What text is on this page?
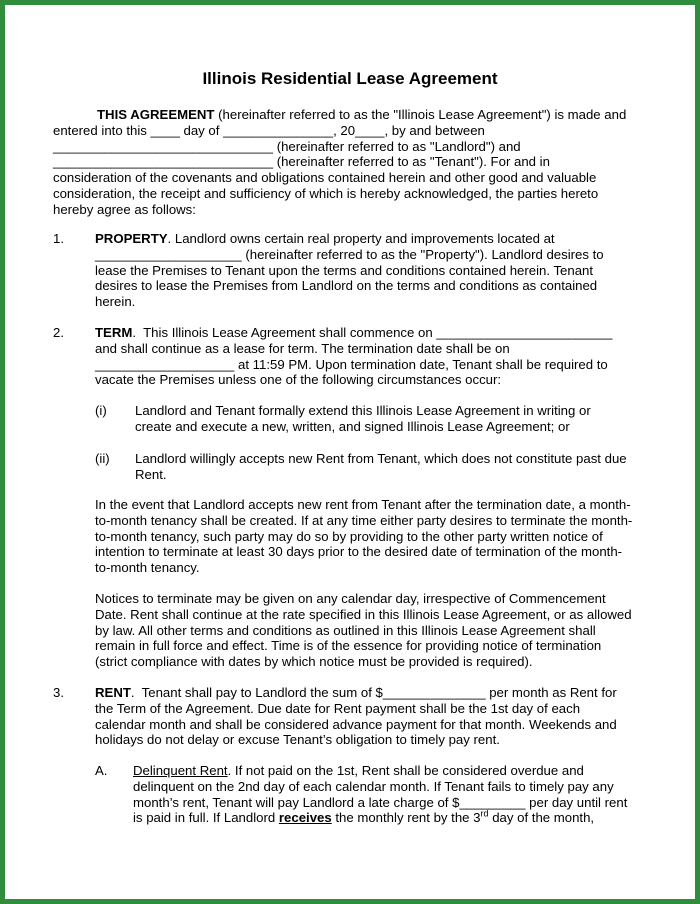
Illinois Residential Lease Agreement
THIS AGREEMENT (hereinafter referred to as the "Illinois Lease Agreement") is made and
entered into this ____ day of _______________, 20____, by and between
______________________________ (hereinafter referred to as "Landlord") and
______________________________ (hereinafter referred to as "Tenant"). For and in
consideration of the covenants and obligations contained herein and other good and valuable
consideration, the receipt and sufficiency of which is hereby acknowledged, the parties hereto
hereby agree as follows:
1. PROPERTY. Landlord owns certain real property and improvements located at
____________________ (hereinafter referred to as the "Property"). Landlord desires to
lease the Premises to Tenant upon the terms and conditions contained herein. Tenant
desires to lease the Premises from Landlord on the terms and conditions as contained
herein.
2. TERM.  This Illinois Lease Agreement shall commence on ________________________
and shall continue as a lease for term. The termination date shall be on
___________________ at 11:59 PM. Upon termination date, Tenant shall be required to
vacate the Premises unless one of the following circumstances occur:
(i) Landlord and Tenant formally extend this Illinois Lease Agreement in writing or
create and execute a new, written, and signed Illinois Lease Agreement; or
(ii) Landlord willingly accepts new Rent from Tenant, which does not constitute past due
Rent.
In the event that Landlord accepts new rent from Tenant after the termination date, a month-
to-month tenancy shall be created. If at any time either party desires to terminate the month-
to-month tenancy, such party may do so by providing to the other party written notice of
intention to terminate at least 30 days prior to the desired date of termination of the month-
to-month tenancy.
Notices to terminate may be given on any calendar day, irrespective of Commencement
Date. Rent shall continue at the rate specified in this Illinois Lease Agreement, or as allowed
by law. All other terms and conditions as outlined in this Illinois Lease Agreement shall
remain in full force and effect. Time is of the essence for providing notice of termination
(strict compliance with dates by which notice must be provided is required).
3. RENT.  Tenant shall pay to Landlord the sum of $______________ per month as Rent for
the Term of the Agreement. Due date for Rent payment shall be the 1st day of each
calendar month and shall be considered advance payment for that month. Weekends and
holidays do not delay or excuse Tenant’s obligation to timely pay rent.
A. Delinquent Rent. If not paid on the 1st, Rent shall be considered overdue and
delinquent on the 2nd day of each calendar month. If Tenant fails to timely pay any
month’s rent, Tenant will pay Landlord a late charge of $_________ per day until rent
is paid in full. If Landlord receives the monthly rent by the 3rd day of the month,
